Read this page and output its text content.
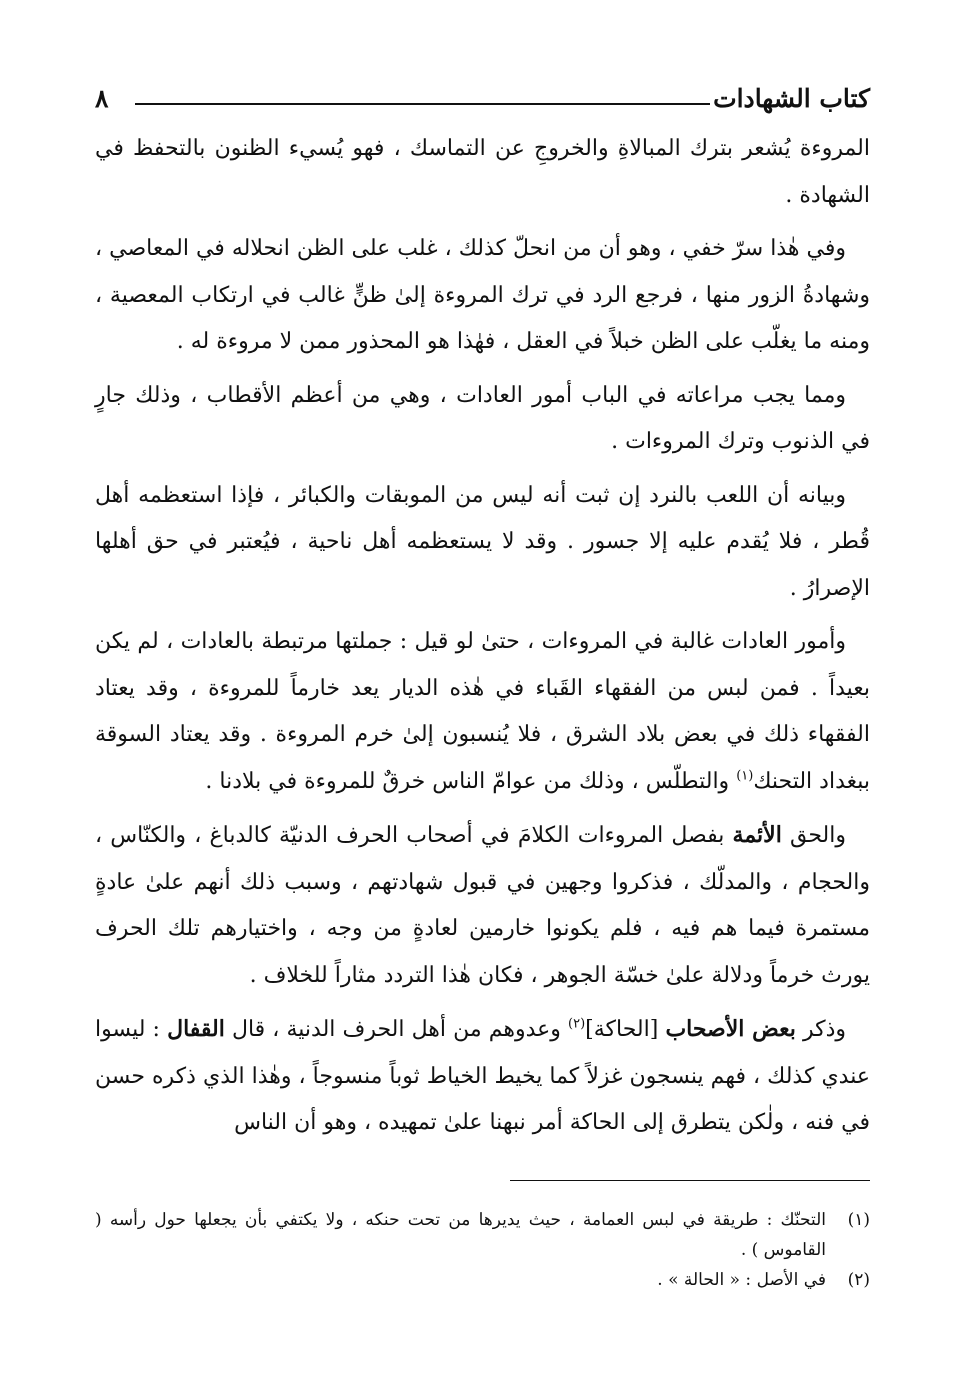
كتاب الشهادات
٨

المروءة يُشعر بترك المبالاةِ والخروجِ عن التماسك ، فهو يُسيء الظنون بالتحفظ في الشهادة .

وفي هٰذا سرّ خفي ، وهو أن من انحلّ كذلك ، غلب على الظن انحلاله في المعاصي ، وشهادةُ الزور منها ، فرجع الرد في ترك المروءة إلىٰ ظنٍّ غالب في ارتكاب المعصية ، ومنه ما يغلّب على الظن خبلاً في العقل ، فهٰذا هو المحذور ممن لا مروءة له .

ومما يجب مراعاته في الباب أمور العادات ، وهي من أعظم الأقطاب ، وذلك جارٍ في الذنوب وترك المروءات .

وبيانه أن اللعب بالنرد إن ثبت أنه ليس من الموبقات والكبائر ، فإذا استعظمه أهل قُطر ، فلا يُقدم عليه إلا جسور . وقد لا يستعظمه أهل ناحية ، فيُعتبر في حق أهلها الإصرارُ .

وأمور العادات غالبة في المروءات ، حتىٰ لو قيل : جملتها مرتبطة بالعادات ، لم يكن بعيداً . فمن لبس من الفقهاء القَباء في هٰذه الديار يعد خارماً للمروءة ، وقد يعتاد الفقهاء ذلك في بعض بلاد الشرق ، فلا يُنسبون إلىٰ خرم المروءة . وقد يعتاد السوقة ببغداد التحنك$^{(١)}$ والتطلّس ، وذلك من عوامّ الناس خرقٌ للمروءة في بلادنا .

والحق الأئمة بفصل المروءات الكلامَ في أصحاب الحرف الدنيّة كالدباغ ، والكنّاس ، والحجام ، والمدلّك ، فذكروا وجهين في قبول شهادتهم ، وسبب ذلك أنهم علىٰ عادةٍ مستمرة فيما هم فيه ، فلم يكونوا خارمين لعادةٍ من وجه ، واختيارهم تلك الحرف يورث خرماً ودلالة علىٰ خسّة الجوهر ، فكان هٰذا التردد مثاراً للخلاف .

وذكر بعض الأصحاب [الحاكة]$^{(٢)}$ وعدوهم من أهل الحرف الدنية ، قال القفال : ليسوا عندي كذلك ، فهم ينسجون غزلاً كما يخيط الخياط ثوباً منسوجاً ، وهٰذا الذي ذكره حسن في فنه ، ولٰكن يتطرق إلى الحاكة أمر نبهنا علىٰ تمهيده ، وهو أن الناس

(١)
التحنّك : طريقة في لبس العمامة ، حيث يديرها من تحت حنكه ، ولا يكتفي بأن يجعلها حول رأسه ( القاموس ) .
(٢)
في الأصل : « الحالة » .
